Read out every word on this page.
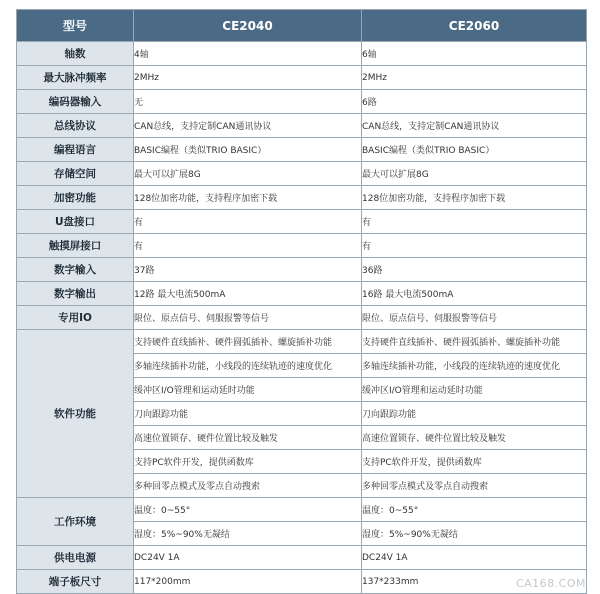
型号	CE2040	CE2060
轴数	4轴	6轴
最大脉冲频率	2MHz	2MHz
编码器输入	无	6路
总线协议	CAN总线，支持定制CAN通讯协议	CAN总线，支持定制CAN通讯协议
编程语言	BASIC编程（类似TRIO BASIC）	BASIC编程（类似TRIO BASIC）
存储空间	最大可以扩展8G	最大可以扩展8G
加密功能	128位加密功能，支持程序加密下载	128位加密功能，支持程序加密下载
U盘接口	有	有
触摸屏接口	有	有
数字输入	37路	36路
数字输出	12路 最大电流500mA	16路 最大电流500mA
专用IO	限位、原点信号、伺服报警等信号	限位、原点信号、伺服报警等信号
软件功能	支持硬件直线插补、硬件圆弧插补、螺旋插补功能	支持硬件直线插补、硬件圆弧插补、螺旋插补功能
	多轴连续插补功能，小线段的连续轨迹的速度优化	多轴连续插补功能，小线段的连续轨迹的速度优化
	缓冲区I/O管理和运动延时功能	缓冲区I/O管理和运动延时功能
	刀向跟踪功能	刀向跟踪功能
	高速位置锁存、硬件位置比较及触发	高速位置锁存、硬件位置比较及触发
	支持PC软件开发，提供函数库	支持PC软件开发，提供函数库
	多种回零点模式及零点自动搜索	多种回零点模式及零点自动搜索
工作环境	温度：0~55°	温度：0~55°
	湿度：5%~90%无凝结	湿度：5%~90%无凝结
供电电源	DC24V 1A	DC24V 1A
端子板尺寸	117*200mm	137*233mm	CA168.COM
